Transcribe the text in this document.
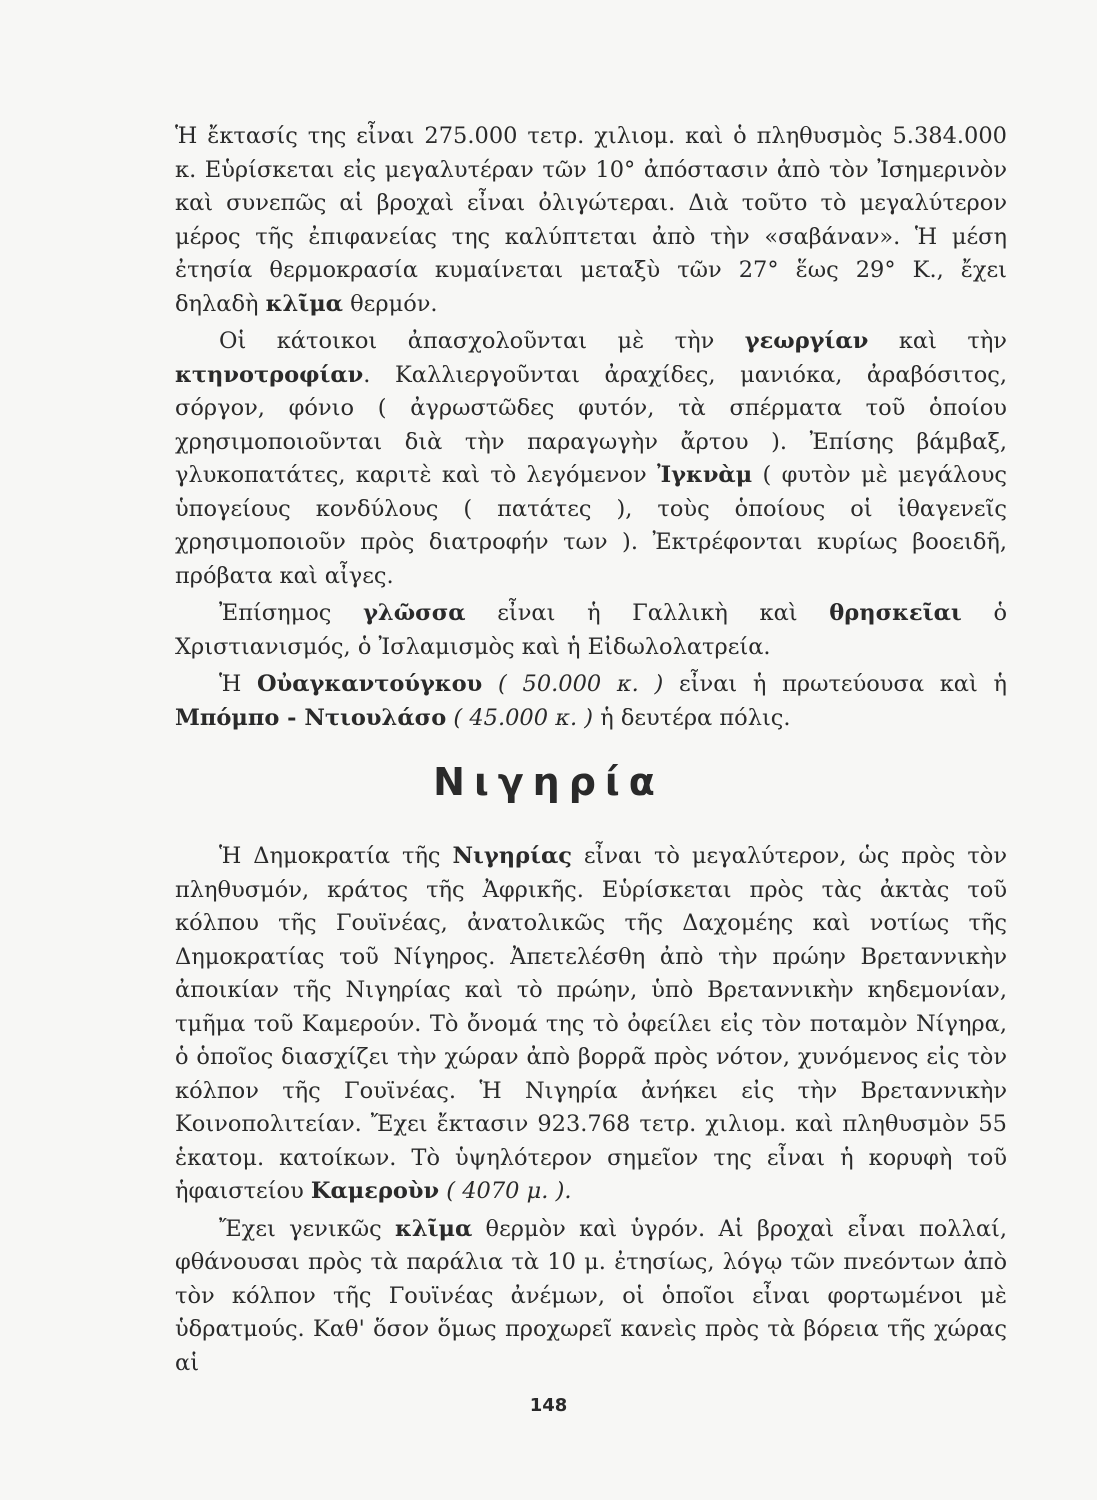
Ἡ ἔκτασίς της εἶναι 275.000 τετρ. χιλιομ. καὶ ὁ πληθυσμὸς 5.384.000 κ. Εὑρίσκεται εἰς μεγαλυτέραν τῶν 10° ἀπόστασιν ἀπὸ τὸν Ἰσημερινὸν καὶ συνεπῶς αἱ βροχαὶ εἶναι ὀλιγώτεραι. Διὰ τοῦτο τὸ μεγαλύτερον μέρος τῆς ἐπιφανείας της καλύπτεται ἀπὸ τὴν «σαβάναν». Ἡ μέση ἐτησία θερμοκρασία κυμαίνεται μεταξὺ τῶν 27° ἕως 29° Κ., ἔχει δηλαδὴ κλῖμα θερμόν.

Οἱ κάτοικοι ἀπασχολοῦνται μὲ τὴν γεωργίαν καὶ τὴν κτηνοτροφίαν. Καλλιεργοῦνται ἀραχίδες, μανιόκα, ἀραβόσιτος, σόργον, φόνιο ( ἀγρωστῶδες φυτόν, τὰ σπέρματα τοῦ ὁποίου χρησιμοποιοῦνται διὰ τὴν παραγωγὴν ἄρτου ). Ἐπίσης βάμβαξ, γλυκοπατάτες, καριτὲ καὶ τὸ λεγόμενον Ἰγκνὰμ ( φυτὸν μὲ μεγάλους ὑπογείους κονδύλους ( πατάτες ), τοὺς ὁποίους οἱ ἰθαγενεῖς χρησιμοποιοῦν πρὸς διατροφήν των ). Ἐκτρέφονται κυρίως βοοειδῆ, πρόβατα καὶ αἶγες.

Ἐπίσημος γλῶσσα εἶναι ἡ Γαλλικὴ καὶ θρησκεῖαι ὁ Χριστιανισμός, ὁ Ἰσλαμισμὸς καὶ ἡ Εἰδωλολατρεία.

Ἡ Οὐαγκαντούγκου ( 50.000 κ. ) εἶναι ἡ πρωτεύουσα καὶ ἡ Μπόμπο - Ντιουλάσο ( 45.000 κ. ) ἡ δευτέρα πόλις.

Νιγηρία

Ἡ Δημοκρατία τῆς Νιγηρίας εἶναι τὸ μεγαλύτερον, ὡς πρὸς τὸν πληθυσμόν, κράτος τῆς Ἀφρικῆς. Εὑρίσκεται πρὸς τὰς ἀκτὰς τοῦ κόλπου τῆς Γουϊνέας, ἀνατολικῶς τῆς Δαχομέης καὶ νοτίως τῆς Δημοκρατίας τοῦ Νίγηρος. Ἀπετελέσθη ἀπὸ τὴν πρώην Βρεταννικὴν ἀποικίαν τῆς Νιγηρίας καὶ τὸ πρώην, ὑπὸ Βρεταννικὴν κηδεμονίαν, τμῆμα τοῦ Καμερούν. Τὸ ὄνομά της τὸ ὀφείλει εἰς τὸν ποταμὸν Νίγηρα, ὁ ὁποῖος διασχίζει τὴν χώραν ἀπὸ βορρᾶ πρὸς νότον, χυνόμενος εἰς τὸν κόλπον τῆς Γουϊνέας. Ἡ Νιγηρία ἀνήκει εἰς τὴν Βρεταννικὴν Κοινοπολιτείαν. Ἔχει ἔκτασιν 923.768 τετρ. χιλιομ. καὶ πληθυσμὸν 55 ἑκατομ. κατοίκων. Τὸ ὑψηλότερον σημεῖον της εἶναι ἡ κορυφὴ τοῦ ἡφαιστείου Καμεροὺν ( 4070 μ. ).

Ἔχει γενικῶς κλῖμα θερμὸν καὶ ὑγρόν. Αἱ βροχαὶ εἶναι πολλαί, φθάνουσαι πρὸς τὰ παράλια τὰ 10 μ. ἐτησίως, λόγῳ τῶν πνεόντων ἀπὸ τὸν κόλπον τῆς Γουϊνέας ἀνέμων, οἱ ὁποῖοι εἶναι φορτωμένοι μὲ ὑδρατμούς. Καθ' ὅσον ὅμως προχωρεῖ κανεὶς πρὸς τὰ βόρεια τῆς χώρας αἱ

148
